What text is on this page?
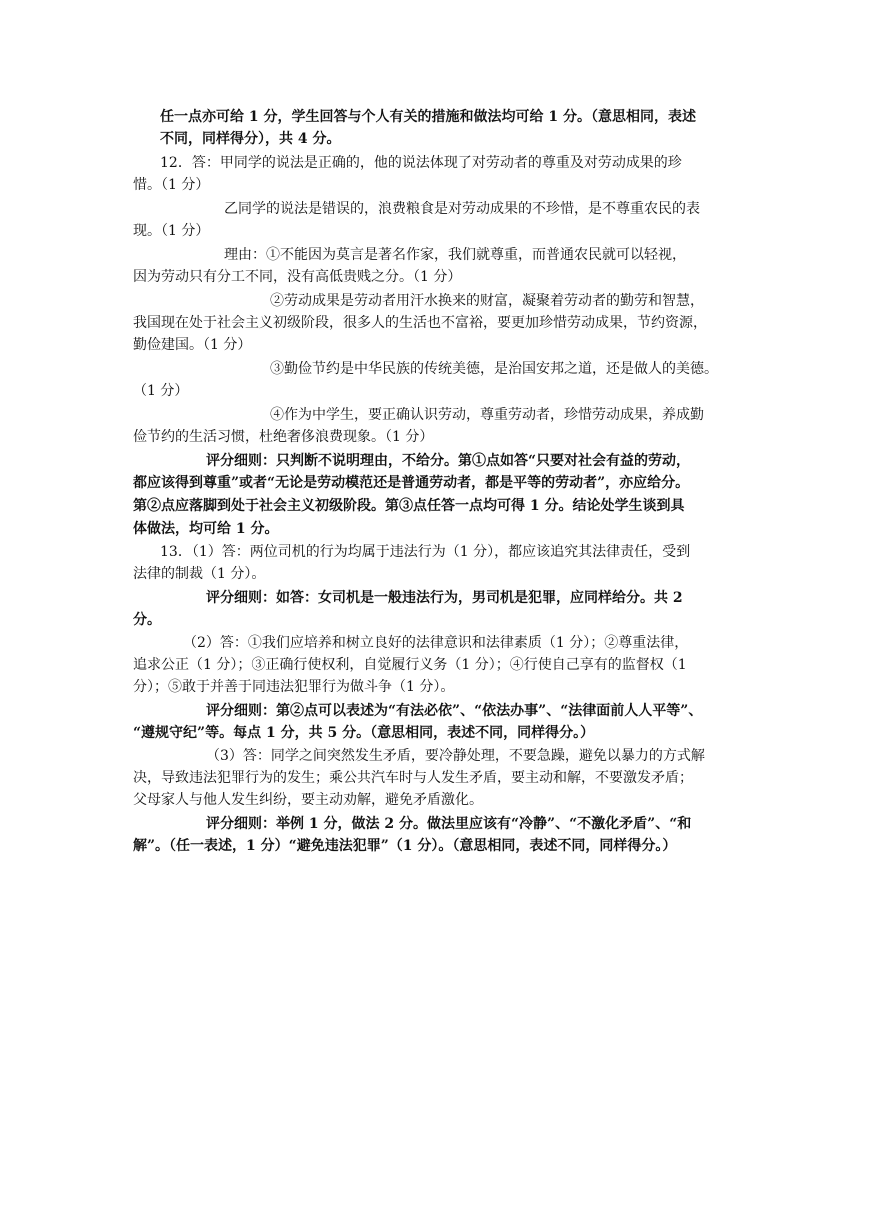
任一点亦可给 1 分，学生回答与个人有关的措施和做法均可给 1 分。（意思相同，表述
不同，同样得分），共 4 分。
12．答：甲同学的说法是正确的，他的说法体现了对劳动者的尊重及对劳动成果的珍
惜。（1 分）
乙同学的说法是错误的，浪费粮食是对劳动成果的不珍惜，是不尊重农民的表
现。（1 分）
理由：①不能因为莫言是著名作家，我们就尊重，而普通农民就可以轻视，
因为劳动只有分工不同，没有高低贵贱之分。（1 分）
②劳动成果是劳动者用汗水换来的财富，凝聚着劳动者的勤劳和智慧，
我国现在处于社会主义初级阶段，很多人的生活也不富裕，要更加珍惜劳动成果，节约资源，
勤俭建国。（1 分）
③勤俭节约是中华民族的传统美德，是治国安邦之道，还是做人的美德。
（1 分）
④作为中学生，要正确认识劳动，尊重劳动者，珍惜劳动成果，养成勤
俭节约的生活习惯，杜绝奢侈浪费现象。（1 分）
评分细则：只判断不说明理由，不给分。第①点如答“只要对社会有益的劳动，
都应该得到尊重”或者“无论是劳动模范还是普通劳动者，都是平等的劳动者”，亦应给分。
第②点应落脚到处于社会主义初级阶段。第③点任答一点均可得 1 分。结论处学生谈到具
体做法，均可给 1 分。
13．（1）答：两位司机的行为均属于违法行为（1 分），都应该追究其法律责任，受到
法律的制裁（1 分）。
评分细则：如答：女司机是一般违法行为，男司机是犯罪，应同样给分。共 2
分。
（2）答：①我们应培养和树立良好的法律意识和法律素质（1 分）；②尊重法律，
追求公正（1 分）；③正确行使权利，自觉履行义务（1 分）；④行使自己享有的监督权（1
分）；⑤敢于并善于同违法犯罪行为做斗争（1 分）。
评分细则：第②点可以表述为“有法必依”、“依法办事”、“法律面前人人平等”、
“遵规守纪”等。每点 1 分，共 5 分。（意思相同，表述不同，同样得分。）
（3）答：同学之间突然发生矛盾，要冷静处理，不要急躁，避免以暴力的方式解
决，导致违法犯罪行为的发生；乘公共汽车时与人发生矛盾，要主动和解，不要激发矛盾；
父母家人与他人发生纠纷，要主动劝解，避免矛盾激化。
评分细则：举例 1 分，做法 2 分。做法里应该有“冷静”、“不激化矛盾”、“和
解”。（任一表述，1 分）“避免违法犯罪”（1 分）。（意思相同，表述不同，同样得分。）
